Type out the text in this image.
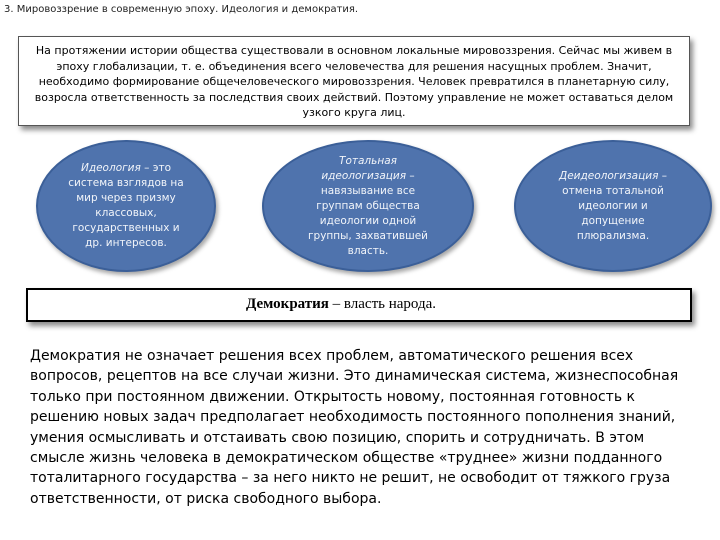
3. Мировоззрение в современную эпоху. Идеология и демократия.
На протяжении истории общества существовали в основном локальные мировоззрения. Сейчас мы живем в эпоху глобализации, т. е. объединения всего человечества для решения насущных проблем. Значит, необходимо формирование общечеловеческого мировоззрения. Человек превратился в планетарную силу, возросла ответственность за последствия своих действий. Поэтому управление не может оставаться делом узкого круга лиц.
Идеология – это система взглядов на мир через призму классовых, государственных и др. интересов.
Тотальная идеологизация – навязывание все группам общества идеологии одной группы, захватившей власть.
Деидеологизация – отмена тотальной идеологии и допущение плюрализма.
Демократия – власть народа.
Демократия не означает решения всех проблем, автоматического решения всех вопросов, рецептов на все случаи жизни. Это динамическая система, жизнеспособная только при постоянном движении. Открытость новому, постоянная готовность к решению новых задач предполагает необходимость постоянного пополнения знаний, умения осмысливать и отстаивать свою позицию, спорить и сотрудничать. В этом смысле жизнь человека в демократическом обществе «труднее» жизни подданного тоталитарного государства – за него никто не решит, не освободит от тяжкого груза ответственности, от риска свободного выбора.
